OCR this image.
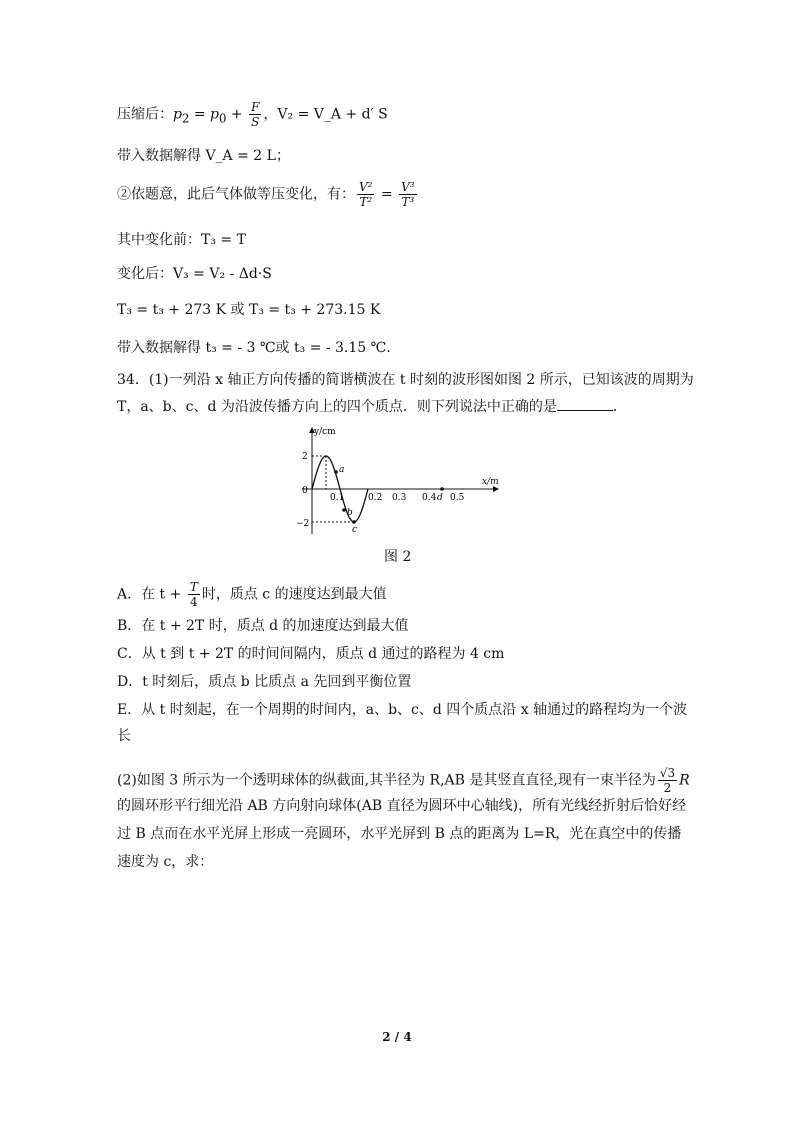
压缩后：$p_2 = p_0 + \frac{F}{S}$ ，V₂ = V_A + d′ S
带入数据解得 V_A = 2 L；
②依题意，此后气体做等压变化，有： $\frac{\text{V²}}{\text{T²}} = \frac{\text{V³}}{\text{T³}}$
其中变化前：T₃ = T
变化后：V₃ = V₂ - Δd·S
T₃ = t₃ + 273 K 或 T₃ = t₃ + 273.15 K
带入数据解得 t₃ = - 3 ℃或 t₃ = - 3.15 ℃.
34．(1)一列沿 x 轴正方向传播的简谐横波在 t 时刻的波形图如图 2 所示，已知该波的周期为
T，a、b、c、d 为沿波传播方向上的四个质点．则下列说法中正确的是	．
y/cm
x/m
2
0
−2
0.1	0.2 0.3 0.4 0.5
a
b
c
d
图 2
A．在 $t + \frac{T}{4}$ 时，质点 c 的速度达到最大值
B．在 t + 2T 时，质点 d 的加速度达到最大值
C．从 t 到 t + 2T 的时间间隔内，质点 d 通过的路程为 4 cm
D．t 时刻后，质点 b 比质点 a 先回到平衡位置
E．从 t 时刻起，在一个周期的时间内，a、b、c、d 四个质点沿 x 轴通过的路程均为一个波
长
(2)如图 3 所示为一个透明球体的纵截面,其半径为 R,AB 是其竖直直径,现有一束半径为 $\frac{√3}{2}$ R
的圆环形平行细光沿 AB 方向射向球体(AB 直径为圆环中心轴线)，所有光线经折射后恰好经
过 B 点而在水平光屏上形成一亮圆环，水平光屏到 B 点的距离为 L=R，光在真空中的传播
速度为 c，求：
2 / 4
